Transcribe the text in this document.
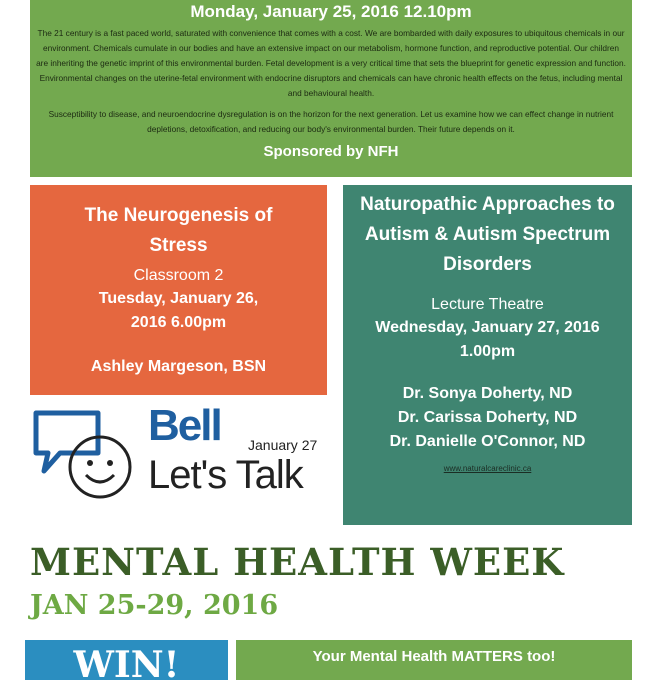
Monday, January 25, 2016 12.10pm

The 21 century is a fast paced world, saturated with convenience that comes with a cost. We are bombarded with daily exposures to ubiquitous chemicals in our environment. Chemicals cumulate in our bodies and have an extensive impact on our metabolism, hormone function, and reproductive potential. Our children are inheriting the genetic imprint of this environmental burden. Fetal development is a very critical time that sets the blueprint for genetic expression and function. Environmental changes on the uterine-fetal environment with endocrine disruptors and chemicals can have chronic health effects on the fetus, including mental and behavioural health.

Susceptibility to disease, and neuroendocrine dysregulation is on the horizon for the next generation. Let us examine how we can effect change in nutrient depletions, detoxification, and reducing our body's environmental burden. Their future depends on it.

Sponsored by NFH
The Neurogenesis of Stress
Classroom 2
Tuesday, January 26, 2016 6.00pm
Ashley Margeson, BSN
Naturopathic Approaches to Autism & Autism Spectrum Disorders
Lecture Theatre
Wednesday, January 27, 2016 1.00pm
Dr. Sonya Doherty, ND
Dr. Carissa Doherty, ND
Dr. Danielle O'Connor, ND
www.naturalcareclinic.ca
Bell
Let's Talk
January 27
MENTAL HEALTH WEEK
JAN 25-29, 2016
WIN!	Your Mental Health MATTERS too!
